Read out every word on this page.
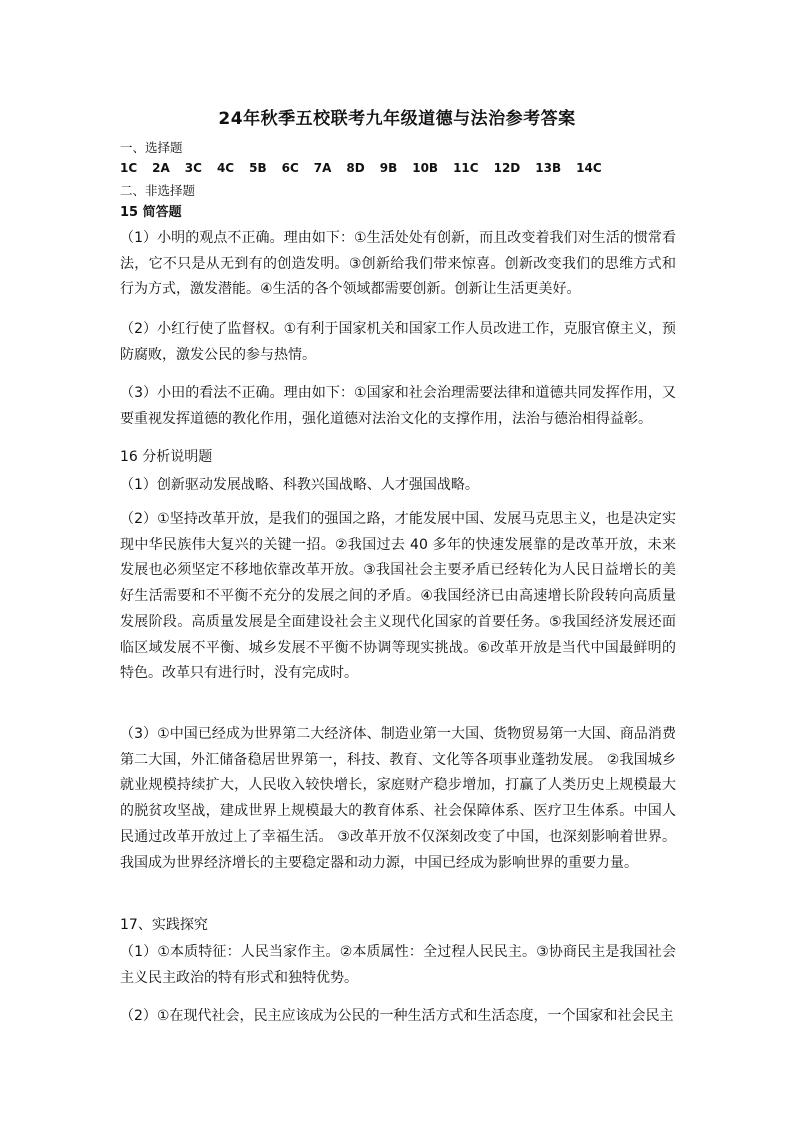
24年秋季五校联考九年级道德与法治参考答案
一、选择题
1C 2A 3C 4C 5B 6C 7A 8D 9B 10B 11C 12D 13B 14C
二、非选择题
15 简答题
（1）小明的观点不正确。理由如下：①生活处处有创新，而且改变着我们对生活的惯常看法，它不只是从无到有的创造发明。③创新给我们带来惊喜。创新改变我们的思维方式和行为方式，激发潜能。④生活的各个领域都需要创新。创新让生活更美好。
（2）小红行使了监督权。①有利于国家机关和国家工作人员改进工作，克服官僚主义，预防腐败，激发公民的参与热情。
（3）小田的看法不正确。理由如下：①国家和社会治理需要法律和道德共同发挥作用，又要重视发挥道德的教化作用，强化道德对法治文化的支撑作用，法治与德治相得益彰。
16 分析说明题
（1）创新驱动发展战略、科教兴国战略、人才强国战略。
（2）①坚持改革开放，是我们的强国之路，才能发展中国、发展马克思主义，也是决定实现中华民族伟大复兴的关键一招。②我国过去 40 多年的快速发展靠的是改革开放，未来发展也必须坚定不移地依靠改革开放。③我国社会主要矛盾已经转化为人民日益增长的美好生活需要和不平衡不充分的发展之间的矛盾。④我国经济已由高速增长阶段转向高质量发展阶段。高质量发展是全面建设社会主义现代化国家的首要任务。⑤我国经济发展还面临区域发展不平衡、城乡发展不平衡不协调等现实挑战。⑥改革开放是当代中国最鲜明的特色。改革只有进行时，没有完成时。
（3）①中国已经成为世界第二大经济体、制造业第一大国、货物贸易第一大国、商品消费第二大国，外汇储备稳居世界第一，科技、教育、文化等各项事业蓬勃发展。 ②我国城乡就业规模持续扩大，人民收入较快增长，家庭财产稳步增加，打赢了人类历史上规模最大的脱贫攻坚战，建成世界上规模最大的教育体系、社会保障体系、医疗卫生体系。中国人民通过改革开放过上了幸福生活。 ③改革开放不仅深刻改变了中国，也深刻影响着世界。我国成为世界经济增长的主要稳定器和动力源，中国已经成为影响世界的重要力量。
17、实践探究
（1）①本质特征：人民当家作主。②本质属性：全过程人民民主。③协商民主是我国社会主义民主政治的特有形式和独特优势。
（2）①在现代社会，民主应该成为公民的一种生活方式和生活态度，一个国家和社会民主
